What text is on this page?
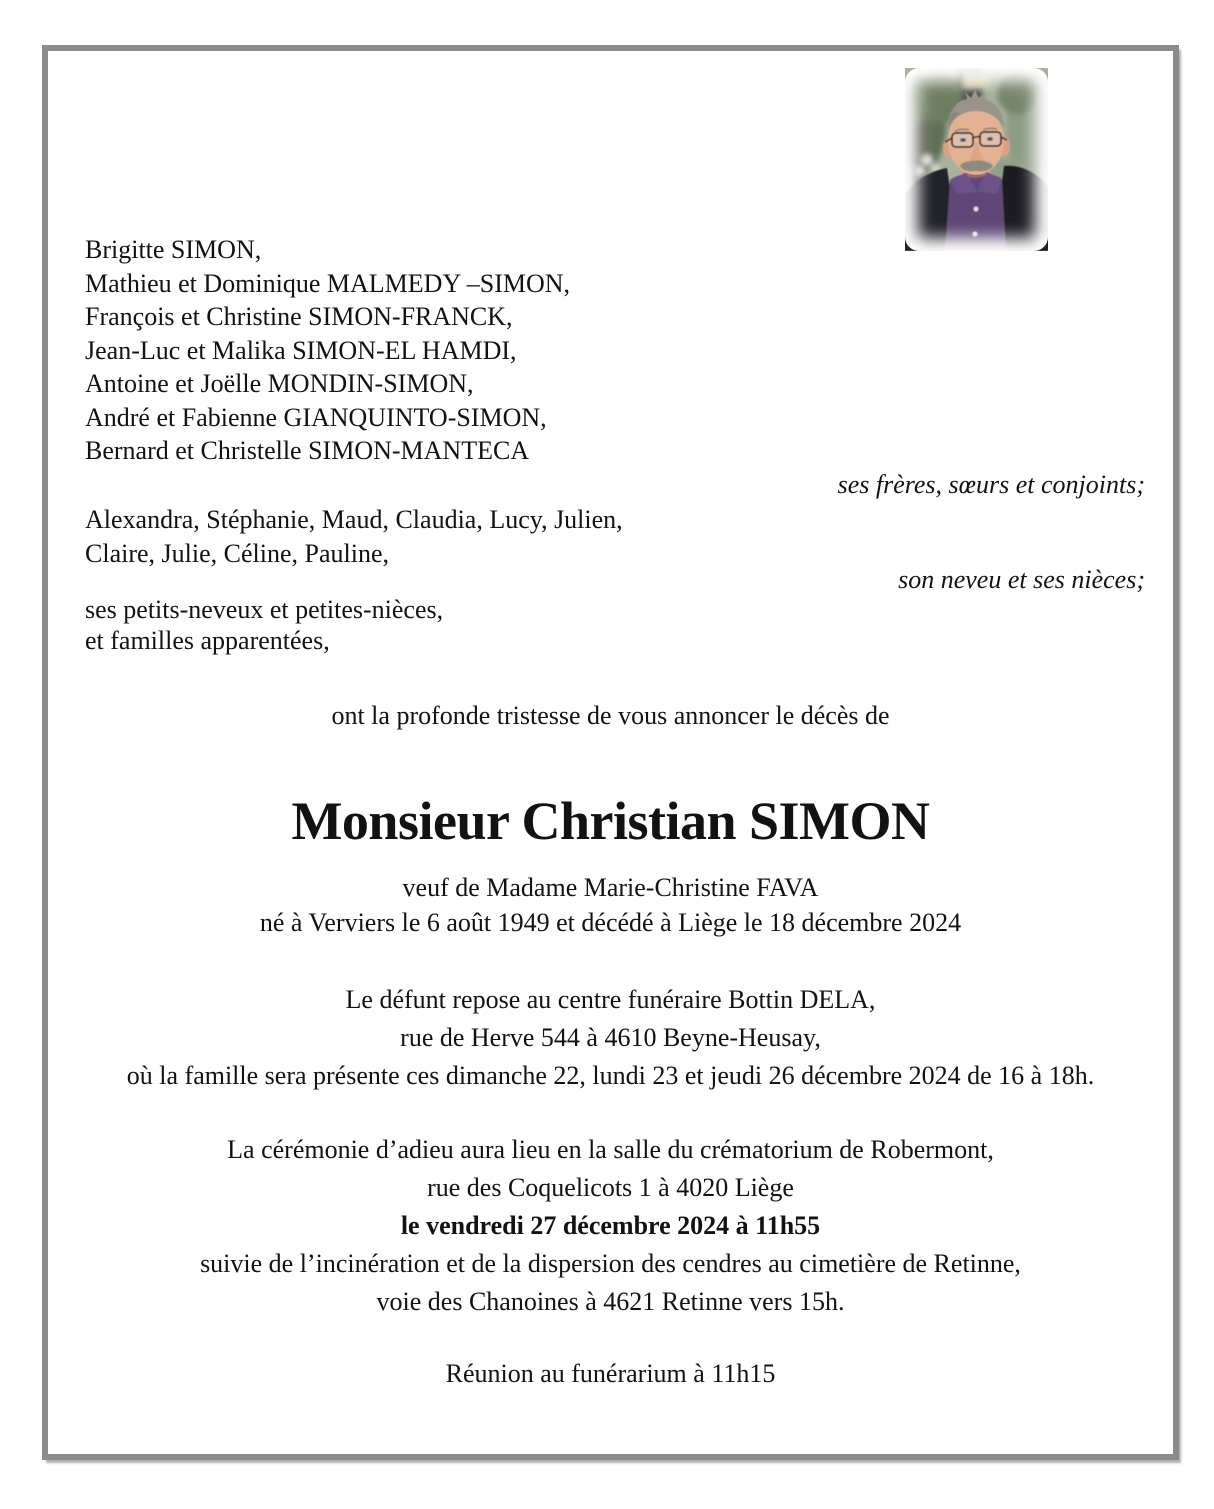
Brigitte SIMON,
Mathieu et Dominique MALMEDY –SIMON,
François et Christine SIMON-FRANCK,
Jean-Luc et Malika SIMON-EL HAMDI,
Antoine et Joëlle MONDIN-SIMON,
André et Fabienne GIANQUINTO-SIMON,
Bernard et Christelle SIMON-MANTECA
ses frères, sœurs et conjoints;
Alexandra, Stéphanie, Maud, Claudia, Lucy, Julien,
Claire, Julie, Céline, Pauline,
son neveu et ses nièces;
ses petits-neveux et petites-nièces,
et familles apparentées,
ont la profonde tristesse de vous annoncer le décès de
Monsieur Christian SIMON
veuf de Madame Marie-Christine FAVA
né à Verviers le 6 août 1949 et décédé à Liège le 18 décembre 2024
Le défunt repose au centre funéraire Bottin DELA,
rue de Herve 544 à 4610 Beyne-Heusay,
où la famille sera présente ces dimanche 22, lundi 23 et jeudi 26 décembre 2024 de 16 à 18h.
La cérémonie d’adieu aura lieu en la salle du crématorium de Robermont,
rue des Coquelicots 1 à 4020 Liège
le vendredi 27 décembre 2024 à 11h55
suivie de l’incinération et de la dispersion des cendres au cimetière de Retinne,
voie des Chanoines à 4621 Retinne vers 15h.
Réunion au funérarium à 11h15
